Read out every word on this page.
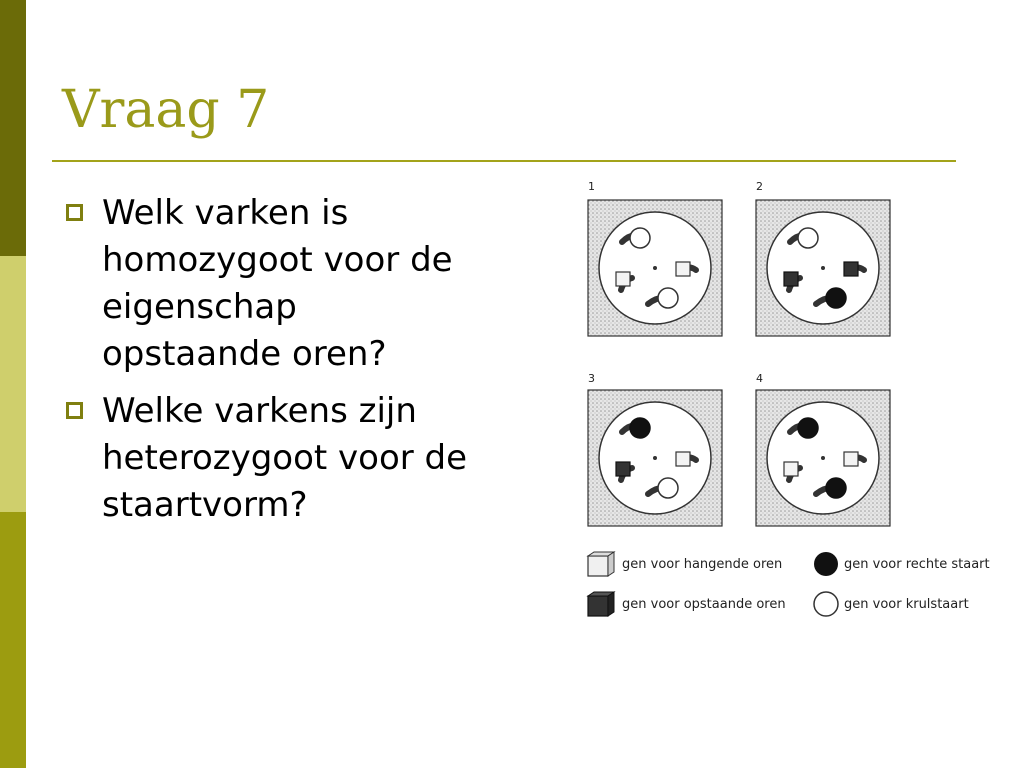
Vraag 7
Welk varken is
homozygoot voor de
eigenschap
opstaande oren?
Welke varkens zijn
heterozygoot voor de
staartvorm?
1	2
3	4
gen voor hangende oren	gen voor rechte staart
gen voor opstaande oren	gen voor krulstaart
